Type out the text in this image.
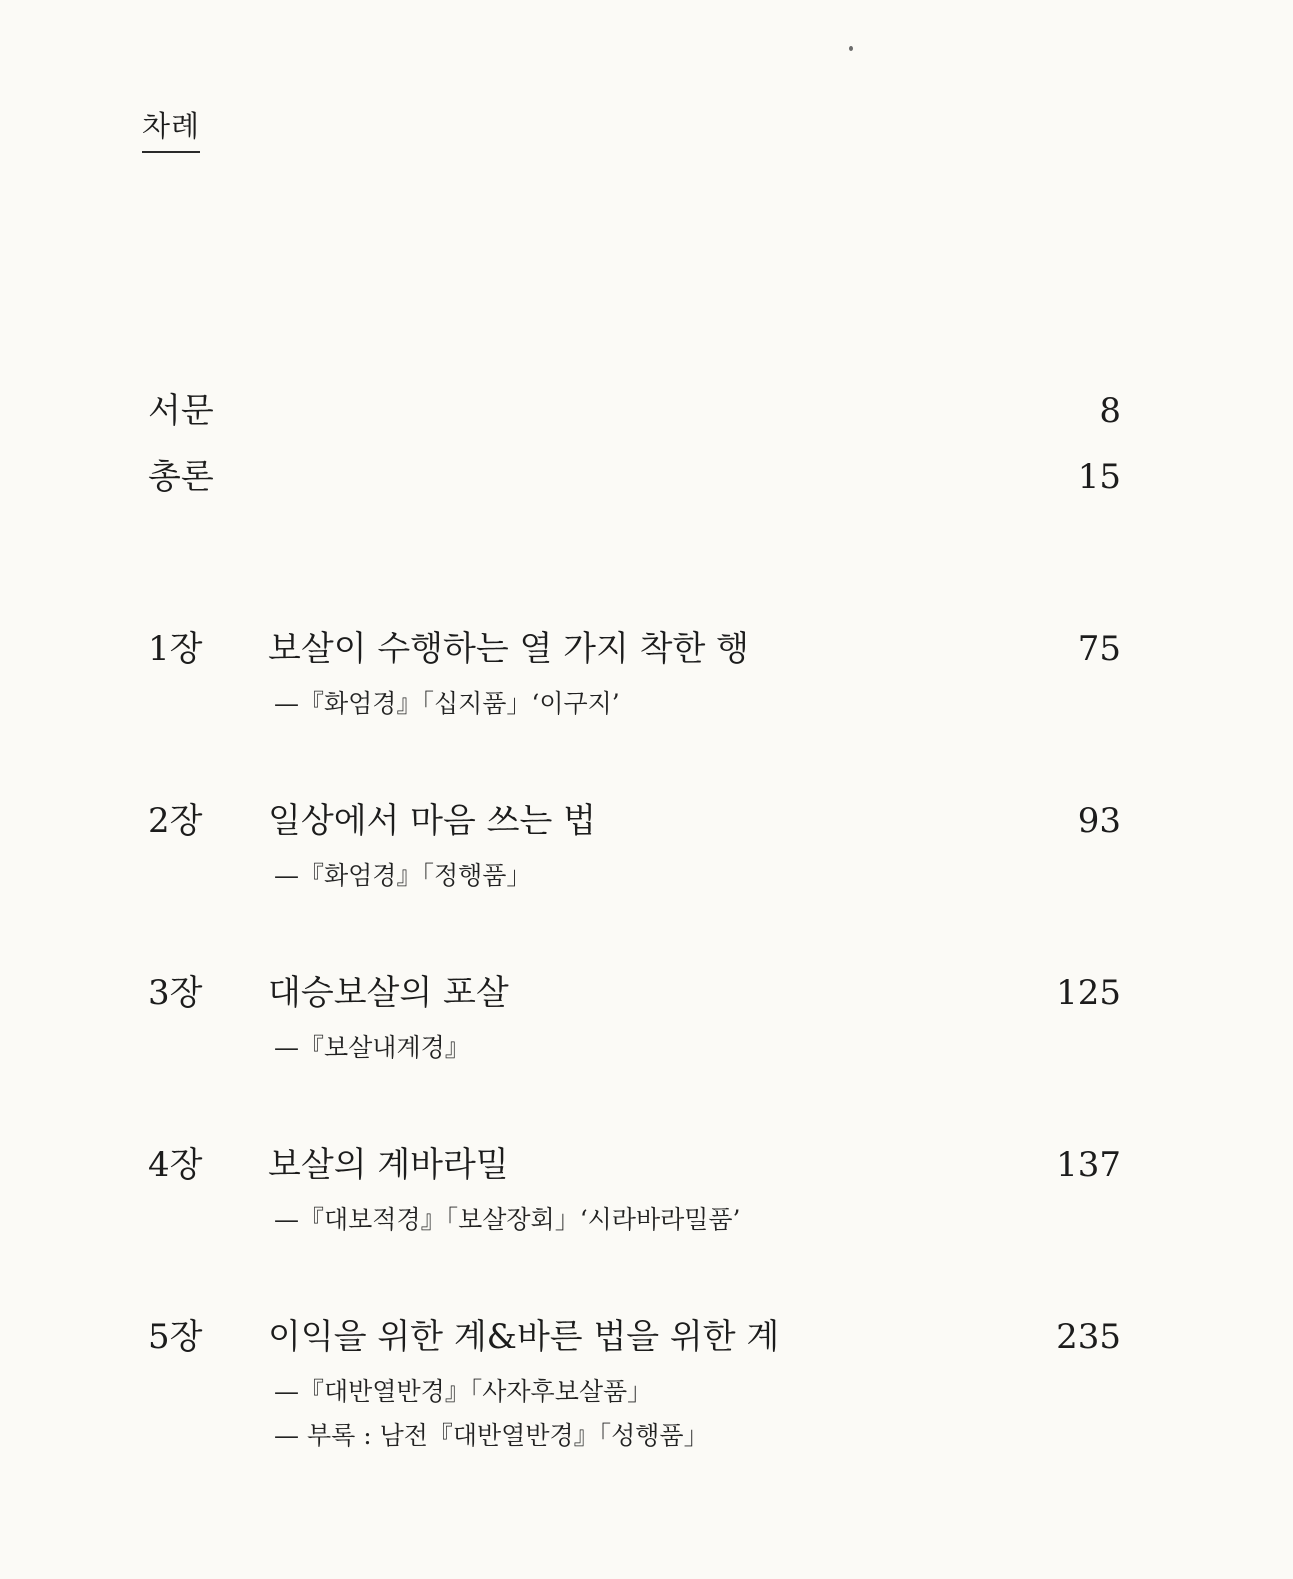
차례
서문	8
총론	15
1장 보살이 수행하는 열 가지 착한 행	75
—『화엄경』「십지품」‘이구지’
2장 일상에서 마음 쓰는 법	93
—『화엄경』「정행품」
3장 대승보살의 포살	125
—『보살내계경』
4장 보살의 계바라밀	137
—『대보적경』「보살장회」‘시라바라밀품’
5장 이익을 위한 계&바른 법을 위한 계	235
—『대반열반경』「사자후보살품」
— 부록 : 남전『대반열반경』「성행품」
